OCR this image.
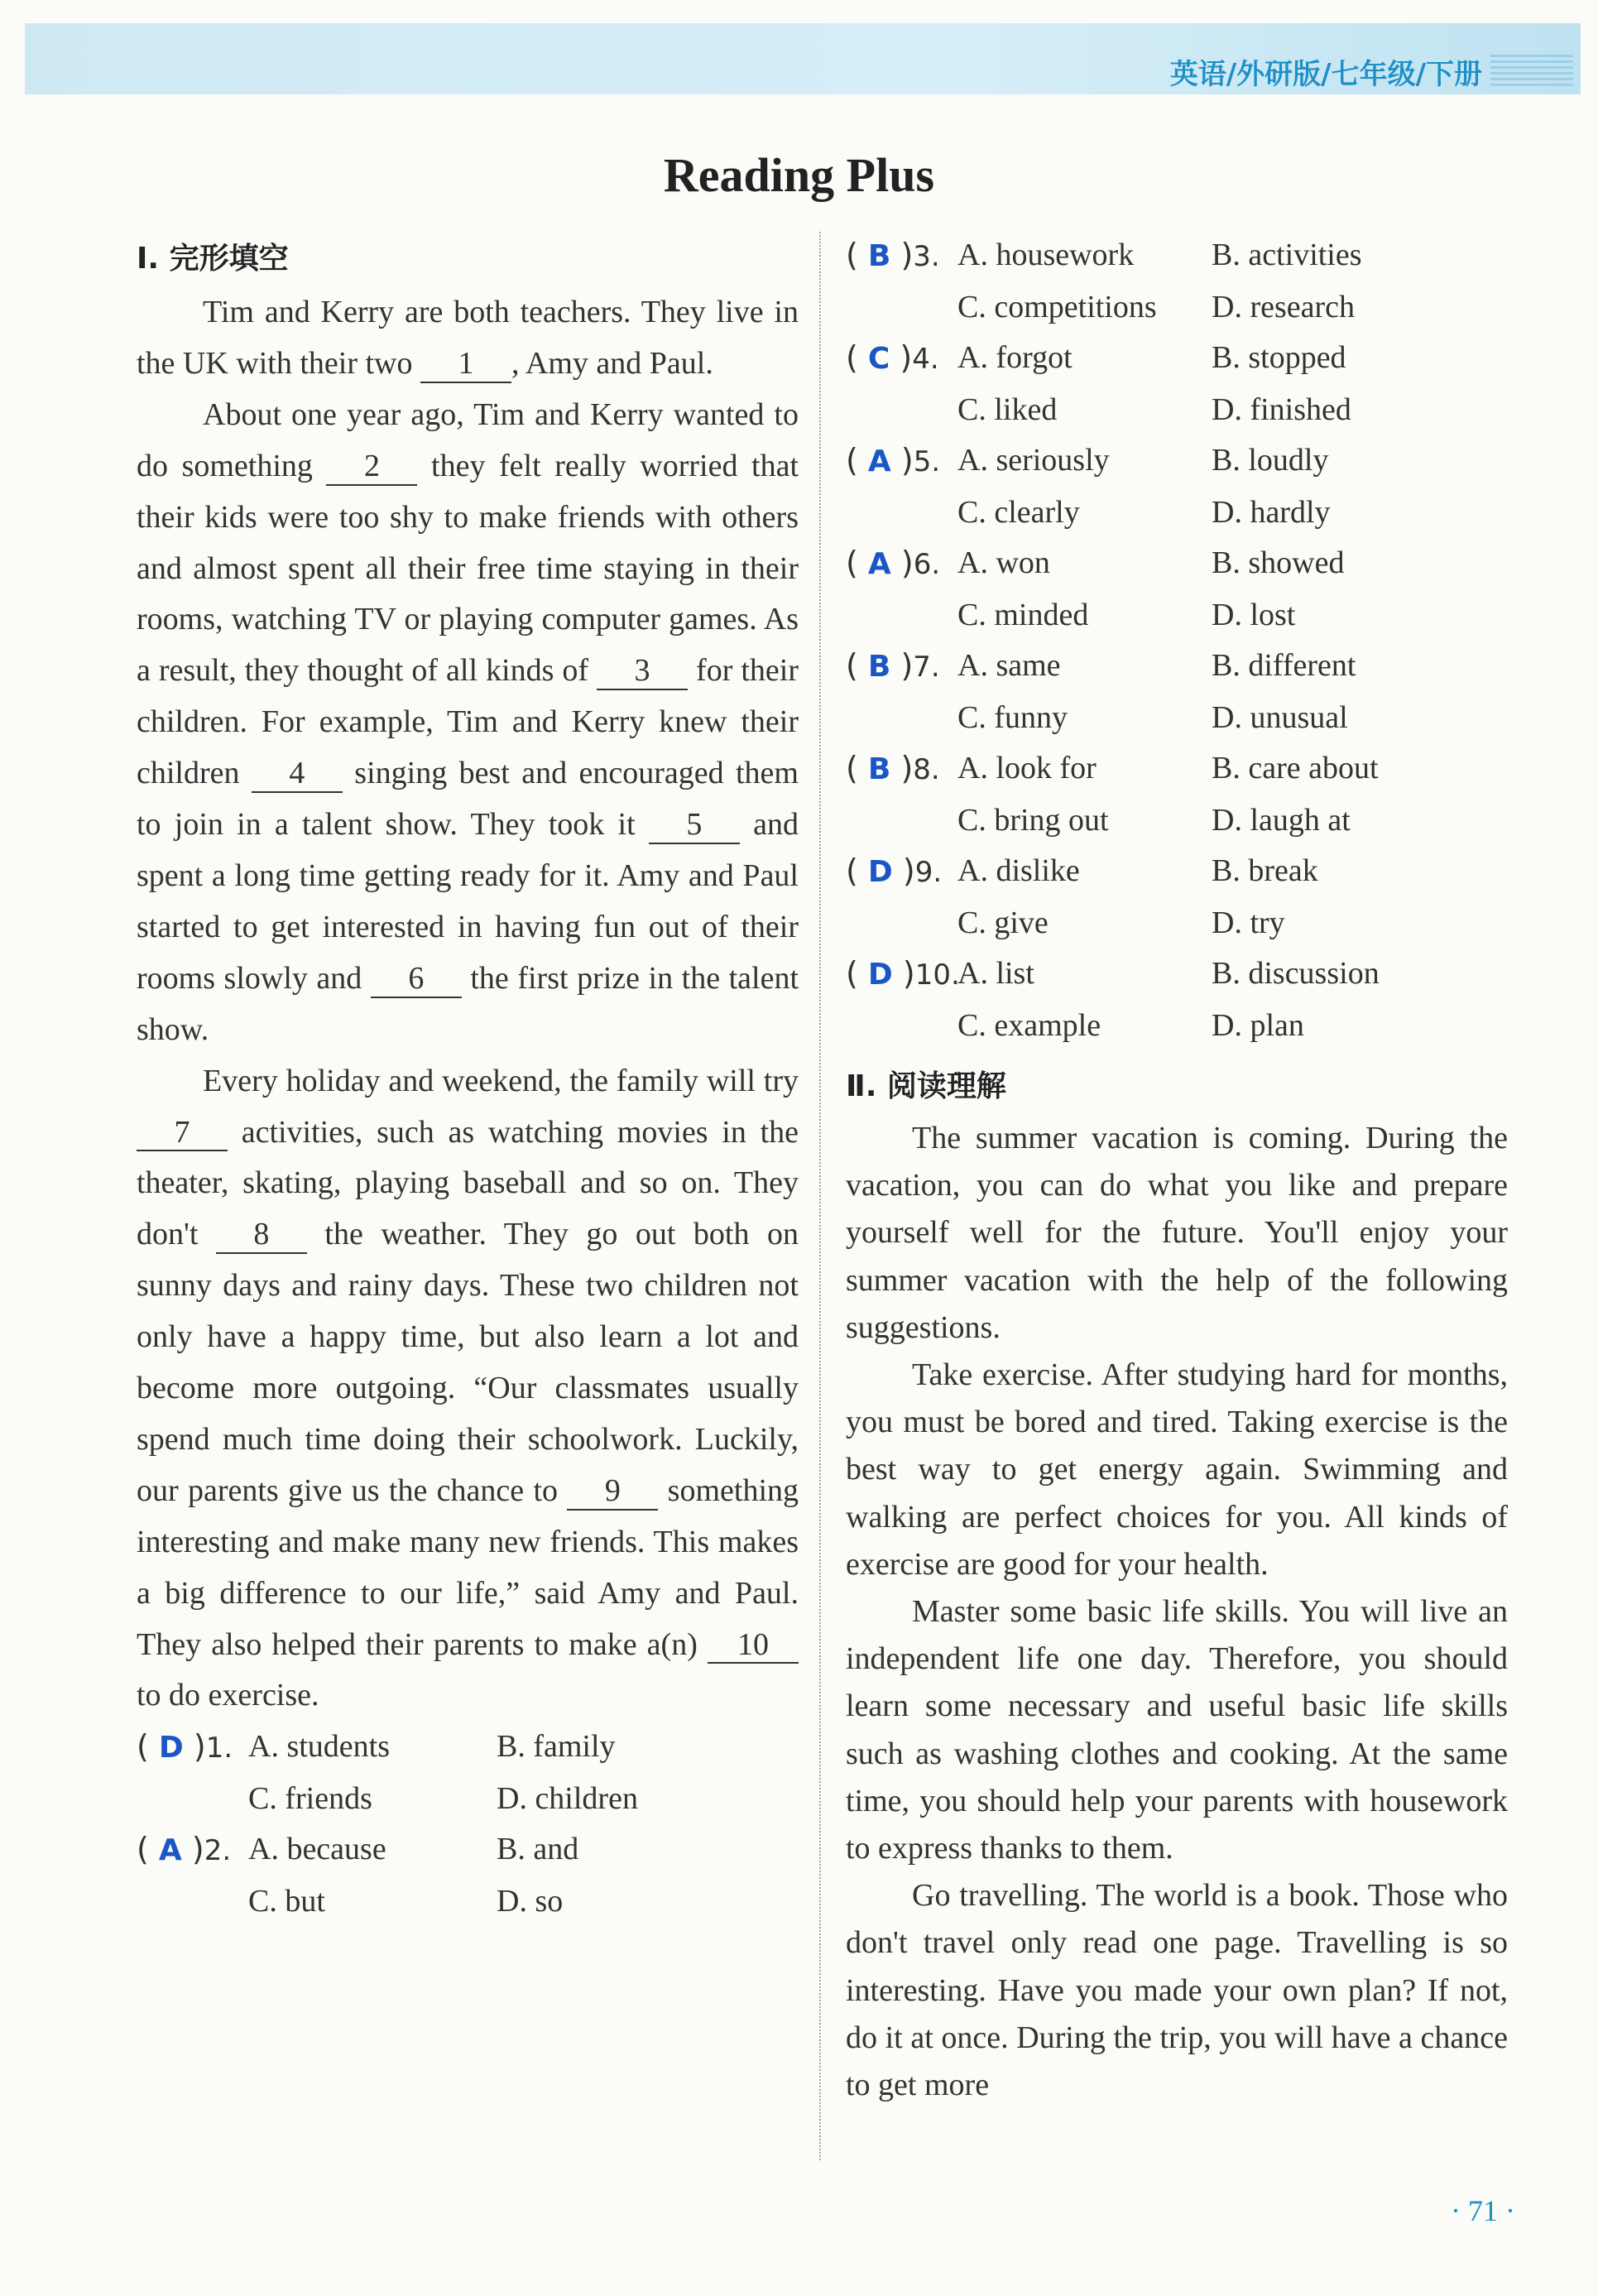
英语/外研版/七年级/下册
Reading Plus
Ⅰ. 完形填空

Tim and Kerry are both teachers. They live in the UK with their two 1 , Amy and Paul.

About one year ago, Tim and Kerry wanted to do something 2 they felt really worried that their kids were too shy to make friends with others and almost spent all their free time staying in their rooms, watching TV or playing computer games. As a result, they thought of all kinds of 3 for their children. For example, Tim and Kerry knew their children 4 singing best and encouraged them to join in a talent show. They took it 5 and spent a long time getting ready for it. Amy and Paul started to get interested in having fun out of their rooms slowly and 6 the first prize in the talent show.

Every holiday and weekend, the family will try 7 activities, such as watching movies in the theater, skating, playing baseball and so on. They don't 8 the weather. They go out both on sunny days and rainy days. These two children not only have a happy time, but also learn a lot and become more outgoing. “Our classmates usually spend much time doing their schoolwork. Luckily, our parents give us the chance to 9 something interesting and make many new friends. This makes a big difference to our life,” said Amy and Paul. They also helped their parents to make a(n) 10 to do exercise.

( D )1. A. students	B. family
C. friends	D. children
( A )2. A. because	B. and
C. but	D. so
( B )3. A. housework	B. activities
C. competitions	D. research
( C )4. A. forgot	B. stopped
C. liked	D. finished
( A )5. A. seriously	B. loudly
C. clearly	D. hardly
( A )6. A. won	B. showed
C. minded	D. lost
( B )7. A. same	B. different
C. funny	D. unusual
( B )8. A. look for	B. care about
C. bring out	D. laugh at
( D )9. A. dislike	B. break
C. give	D. try
( D )10.
A. list	B. discussion
C. example	D. plan
Ⅱ. 阅读理解

The summer vacation is coming. During the vacation, you can do what you like and prepare yourself well for the future. You'll enjoy your summer vacation with the help of the following suggestions.

Take exercise. After studying hard for months, you must be bored and tired. Taking exercise is the best way to get energy again. Swimming and walking are perfect choices for you. All kinds of exercise are good for your health.

Master some basic life skills. You will live an independent life one day. Therefore, you should learn some necessary and useful basic life skills such as washing clothes and cooking. At the same time, you should help your parents with housework to express thanks to them.

Go travelling. The world is a book. Those who don't travel only read one page. Travelling is so interesting. Have you made your own plan? If not, do it at once. During the trip, you will have a chance to get more

· 71 ·
